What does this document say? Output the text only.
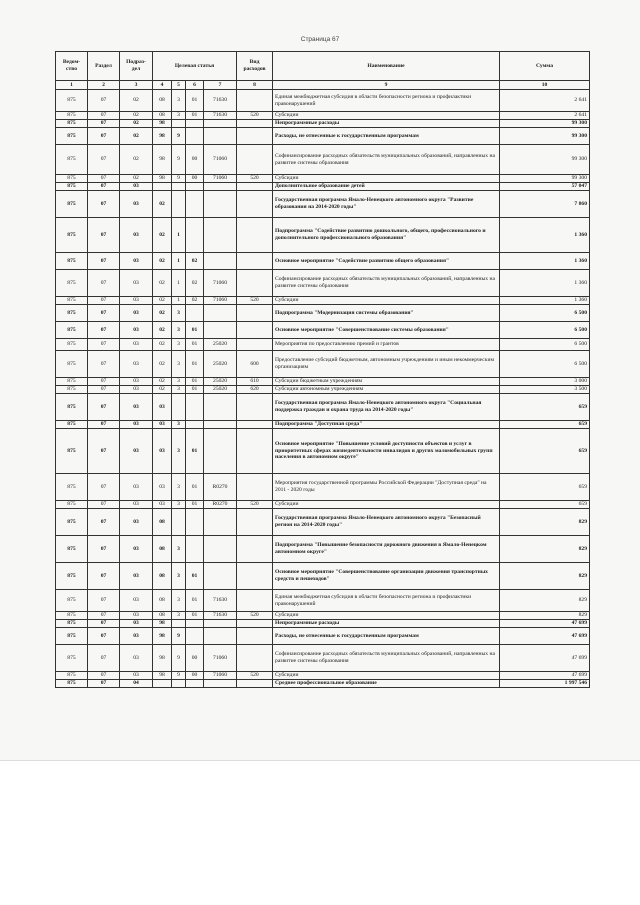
Страница 67
Ведом-ство	Раздел	Подраз-дел	Целевая статья				Вид расходов	Наименование	Сумма
1	2	3	4	5	6	7	8	9	10
875	07	02	08	3	01	71630		Единая межбюджетная субсидия в области безопасности региона и профилактики правонарушений	2 641
875	07	02	08	3	01	71630	520	Субсидии	2 641
875	07	02	98					Непрограммные расходы	99 300
875	07	02	98	9				Расходы, не отнесенные к государственным программам	99 300
875	07	02	98	9	00	71060		Софинансирование расходных обязательств муниципальных образований, направленных на развитие системы образования	99 300
875	07	02	98	9	00	71060	520	Субсидии	99 300
875	07	03						Дополнительное образование детей	57 047
875	07	03	02					Государственная программа Ямало-Ненецкого автономного округа "Развитие образования на 2014-2020 годы"	7 860
875	07	03	02	1				Подпрограмма "Содействие развитию дошкольного, общего, профессионального и дополнительного профессионального образования"	1 360
875	07	03	02	1	02			Основное мероприятие "Содействие развитию общего образования"	1 360
875	07	03	02	1	02	71060		Софинансирование расходных обязательств муниципальных образований, направленных на развитие системы образования	1 360
875	07	03	02	1	02	71060	520	Субсидии	1 360
875	07	03	02	3				Подпрограмма "Модернизация системы образования"	6 500
875	07	03	02	3	01			Основное мероприятие "Совершенствование системы образования"	6 500
875	07	03	02	3	01	25020		Мероприятия по предоставлению премий и грантов	6 500
875	07	03	02	3	01	25020	600	Предоставление субсидий бюджетным, автономным учреждениям и иным некоммерческим организациям	6 500
875	07	03	02	3	01	25020	610	Субсидии бюджетным учреждениям	3 000
875	07	03	02	3	01	25020	620	Субсидии автономным учреждениям	3 500
875	07	03	03					Государственная программа Ямало-Ненецкого автономного округа "Социальная поддержка граждан и охрана труда на 2014-2020 годы"	659
875	07	03	03	3				Подпрограмма "Доступная среда"	659
875	07	03	03	3	01			Основное мероприятие "Повышение условий доступности объектов и услуг в приоритетных сферах жизнедеятельности инвалидов и других маломобильных групп населения в автономном округе"	659
875	07	03	03	3	01	R0270		Мероприятия государственной программы Российской Федерации "Доступная среда" на 2011 - 2020 годы	659
875	07	03	03	3	01	R0270	520	Субсидии	659
875	07	03	08					Государственная программа Ямало-Ненецкого автономного округа "Безопасный регион на 2014-2020 годы"	829
875	07	03	08	3				Подпрограмма "Повышение безопасности дорожного движения в Ямало-Ненецком автономном округе"	829
875	07	03	08	3	01			Основное мероприятие "Совершенствование организации движения транспортных средств и пешеходов"	829
875	07	03	08	3	01	71630		Единая межбюджетная субсидия в области безопасности региона и профилактики правонарушений	829
875	07	03	08	3	01	71630	520	Субсидии	829
875	07	03	98					Непрограммные расходы	47 699
875	07	03	98	9				Расходы, не отнесенные к государственным программам	47 699
875	07	03	98	9	00	71060		Софинансирование расходных обязательств муниципальных образований, направленных на развитие системы образования	47 699
875	07	03	98	9	00	71060	520	Субсидии	47 699
875	07	04						Среднее профессиональное образование	1 997 546
